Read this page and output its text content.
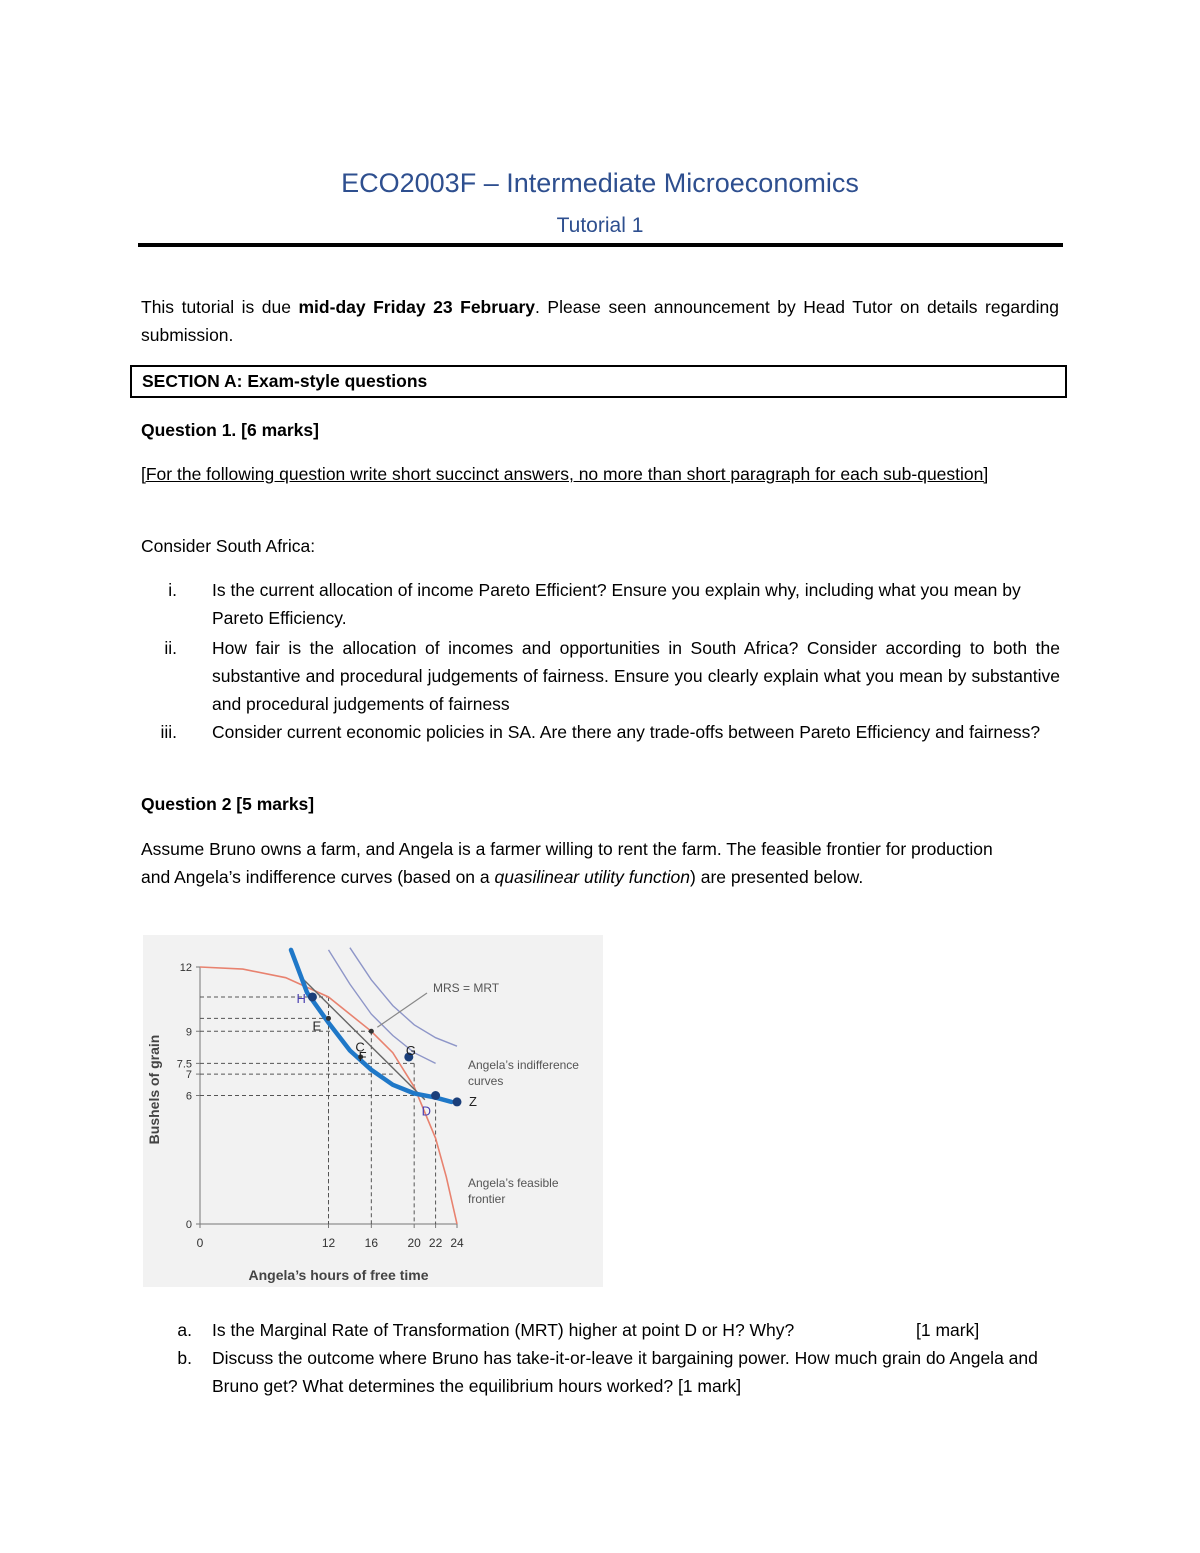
ECO2003F – Intermediate Microeconomics
Tutorial 1
This tutorial is due mid-day Friday 23 February. Please seen announcement by Head Tutor on details regarding submission.
SECTION A: Exam-style questions
Question 1. [6 marks]
[For the following question write short succinct answers, no more than short paragraph for each sub-question]
Consider South Africa:
i. Is the current allocation of income Pareto Efficient? Ensure you explain why, including what you mean by Pareto Efficiency.
ii. How fair is the allocation of incomes and opportunities in South Africa? Consider according to both the substantive and procedural judgements of fairness. Ensure you clearly explain what you mean by substantive and procedural judgements of fairness
iii. Consider current economic policies in SA. Are there any trade-offs between Pareto Efficiency and fairness?
Question 2 [5 marks]
Assume Bruno owns a farm, and Angela is a farmer willing to rent the farm. The feasible frontier for production and Angela’s indifference curves (based on a quasilinear utility function) are presented below.
0
6
7
7.5
9
12
0	12 16 20 22 24
H
E
C
F	G
D
Z
MRS = MRT
Angela’s indifference
curves
Angela’s feasible
frontier
Angela’s hours of free time
Bushels of grain
a. Is the Marginal Rate of Transformation (MRT) higher at point D or H? Why?	[1 mark]
b. Discuss the outcome where Bruno has take-it-or-leave it bargaining power. How much grain do Angela and Bruno get? What determines the equilibrium hours worked? [1 mark]
